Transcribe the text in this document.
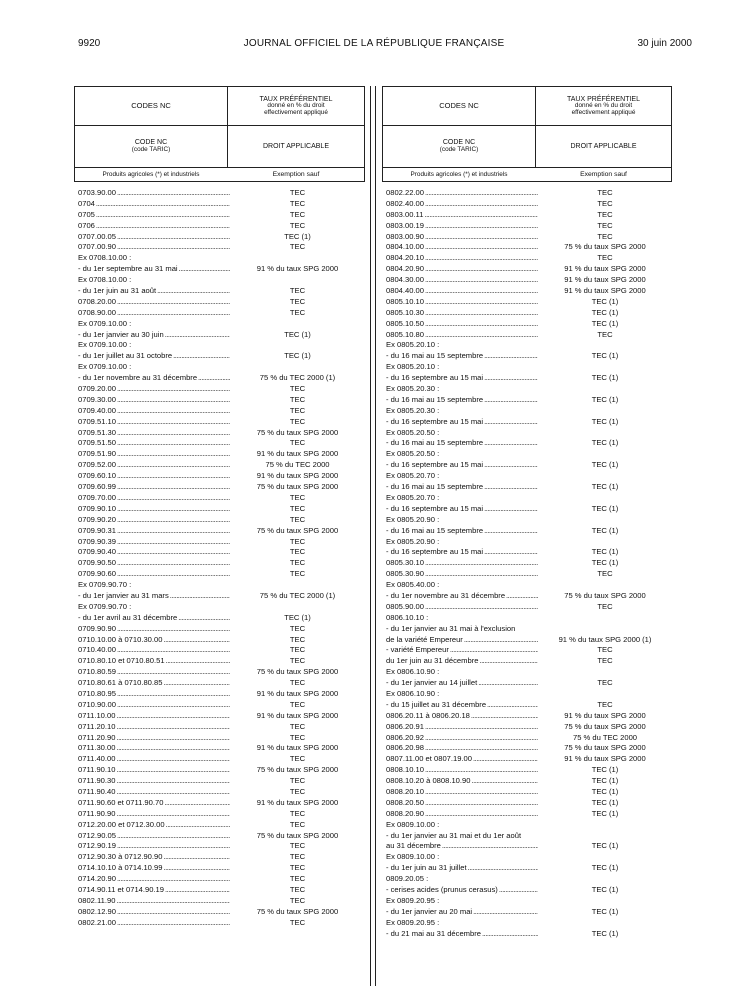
9920	JOURNAL OFFICIEL DE LA RÉPUBLIQUE FRANÇAISE	30 juin 2000
CODES NC
TAUX PRÉFÉRENTIEL
donné en % du droit
effectivement appliqué
CODE NC
(code TARIC)	DROIT APPLICABLE
Produits agricoles (*) et industriels	Exemption sauf
0703.90.00 .....	TEC
0704 .....	TEC
0705 .....	TEC
0706 .....	TEC
0707.00.05 .....	TEC (1)
0707.00.90 .....	TEC
Ex 0708.10.00 :
- du 1er septembre au 31 mai .....	91 % du taux SPG 2000
Ex 0708.10.00 :
- du 1er juin au 31 août .....	TEC
0708.20.00 .....	TEC
0708.90.00 .....	TEC
Ex 0709.10.00 :
- du 1er janvier au 30 juin .....	TEC (1)
Ex 0709.10.00 :
- du 1er juillet au 31 octobre .....	TEC (1)
Ex 0709.10.00 :
- du 1er novembre au 31 décembre .....	75 % du TEC 2000 (1)
0709.20.00 .....	TEC
0709.30.00 .....	TEC
0709.40.00 .....	TEC
0709.51.10 .....	TEC
0709.51.30 .....	75 % du taux SPG 2000
0709.51.50 .....	TEC
0709.51.90 .....	91 % du taux SPG 2000
0709.52.00 .....	75 % du TEC 2000
0709.60.10 .....	91 % du taux SPG 2000
0709.60.99 .....	75 % du taux SPG 2000
0709.70.00 .....	TEC
0709.90.10 .....	TEC
0709.90.20 .....	TEC
0709.90.31 .....	75 % du taux SPG 2000
0709.90.39 .....	TEC
0709.90.40 .....	TEC
0709.90.50 .....	TEC
0709.90.60 .....	TEC
Ex 0709.90.70 :
- du 1er janvier au 31 mars .....	75 % du TEC 2000 (1)
Ex 0709.90.70 :
- du 1er avril au 31 décembre .....	TEC (1)
0709.90.90 .....	TEC
0710.10.00 à 0710.30.00 .....	TEC
0710.40.00 .....	TEC
0710.80.10 et 0710.80.51 .....	TEC
0710.80.59 .....	75 % du taux SPG 2000
0710.80.61 à 0710.80.85 .....	TEC
0710.80.95 .....	91 % du taux SPG 2000
0710.90.00 .....	TEC
0711.10.00 .....	91 % du taux SPG 2000
0711.20.10 .....	TEC
0711.20.90 .....	TEC
0711.30.00 .....	91 % du taux SPG 2000
0711.40.00 .....	TEC
0711.90.10 .....	75 % du taux SPG 2000
0711.90.30 .....	TEC
0711.90.40 .....	TEC
0711.90.60 et 0711.90.70 .....	91 % du taux SPG 2000
0711.90.90 .....	TEC
0712.20.00 et 0712.30.00 .....	TEC
0712.90.05 .....	75 % du taux SPG 2000
0712.90.19 .....	TEC
0712.90.30 à 0712.90.90 .....	TEC
0714.10.10 à 0714.10.99 .....	TEC
0714.20.90 .....	TEC
0714.90.11 et 0714.90.19 .....	TEC
0802.11.90 .....	TEC
0802.12.90 .....	75 % du taux SPG 2000
0802.21.00 .....	TEC
CODES NC
TAUX PRÉFÉRENTIEL
donné en % du droit
effectivement appliqué
CODE NC
(code TARIC)	DROIT APPLICABLE
Produits agricoles (*) et industriels	Exemption sauf
0802.22.00 .....	TEC
0802.40.00 .....	TEC
0803.00.11 .....	TEC
0803.00.19 .....	TEC
0803.00.90 .....	TEC
0804.10.00 .....	75 % du taux SPG 2000
0804.20.10 .....	TEC
0804.20.90 .....	91 % du taux SPG 2000
0804.30.00 .....	91 % du taux SPG 2000
0804.40.00 .....	91 % du taux SPG 2000
0805.10.10 .....	TEC (1)
0805.10.30 .....	TEC (1)
0805.10.50 .....	TEC (1)
0805.10.80 .....	TEC
Ex 0805.20.10 :
- du 16 mai au 15 septembre .....	TEC (1)
Ex 0805.20.10 :
- du 16 septembre au 15 mai .....	TEC (1)
Ex 0805.20.30 :
- du 16 mai au 15 septembre .....	TEC (1)
Ex 0805.20.30 :
- du 16 septembre au 15 mai .....	TEC (1)
Ex 0805.20.50 :
- du 16 mai au 15 septembre .....	TEC (1)
Ex 0805.20.50 :
- du 16 septembre au 15 mai .....	TEC (1)
Ex 0805.20.70 :
- du 16 mai au 15 septembre .....	TEC (1)
Ex 0805.20.70 :
- du 16 septembre au 15 mai .....	TEC (1)
Ex 0805.20.90 :
- du 16 mai au 15 septembre .....	TEC (1)
Ex 0805.20.90 :
- du 16 septembre au 15 mai .....	TEC (1)
0805.30.10 .....	TEC (1)
0805.30.90 .....	TEC
Ex 0805.40.00 :
- du 1er novembre au 31 décembre .....	75 % du taux SPG 2000
0805.90.00 .....	TEC
0806.10.10 :
- du 1er janvier au 31 mai à l'exclusion
de la variété Empereur .....	91 % du taux SPG 2000 (1)
- variété Empereur .....	TEC
du 1er juin au 31 décembre .....	TEC
Ex 0806.10.90 :
- du 1er janvier au 14 juillet .....	TEC
Ex 0806.10.90 :
- du 15 juillet au 31 décembre .....	TEC
0806.20.11 à 0806.20.18 .....	91 % du taux SPG 2000
0806.20.91 .....	75 % du taux SPG 2000
0806.20.92 .....	75 % du TEC 2000
0806.20.98 .....	75 % du taux SPG 2000
0807.11.00 et 0807.19.00 .....	91 % du taux SPG 2000
0808.10.10 .....	TEC (1)
0808.10.20 à 0808.10.90 .....	TEC (1)
0808.20.10 .....	TEC (1)
0808.20.50 .....	TEC (1)
0808.20.90 .....	TEC (1)
Ex 0809.10.00 :
- du 1er janvier au 31 mai et du 1er août
au 31 décembre .....	TEC (1)
Ex 0809.10.00 :
- du 1er juin au 31 juillet .....	TEC (1)
0809.20.05 :
- cerises acides (prunus cerasus) .....	TEC (1)
Ex 0809.20.95 :
- du 1er janvier au 20 mai .....	TEC (1)
Ex 0809.20.95 :
- du 21 mai au 31 décembre .....	TEC (1)
